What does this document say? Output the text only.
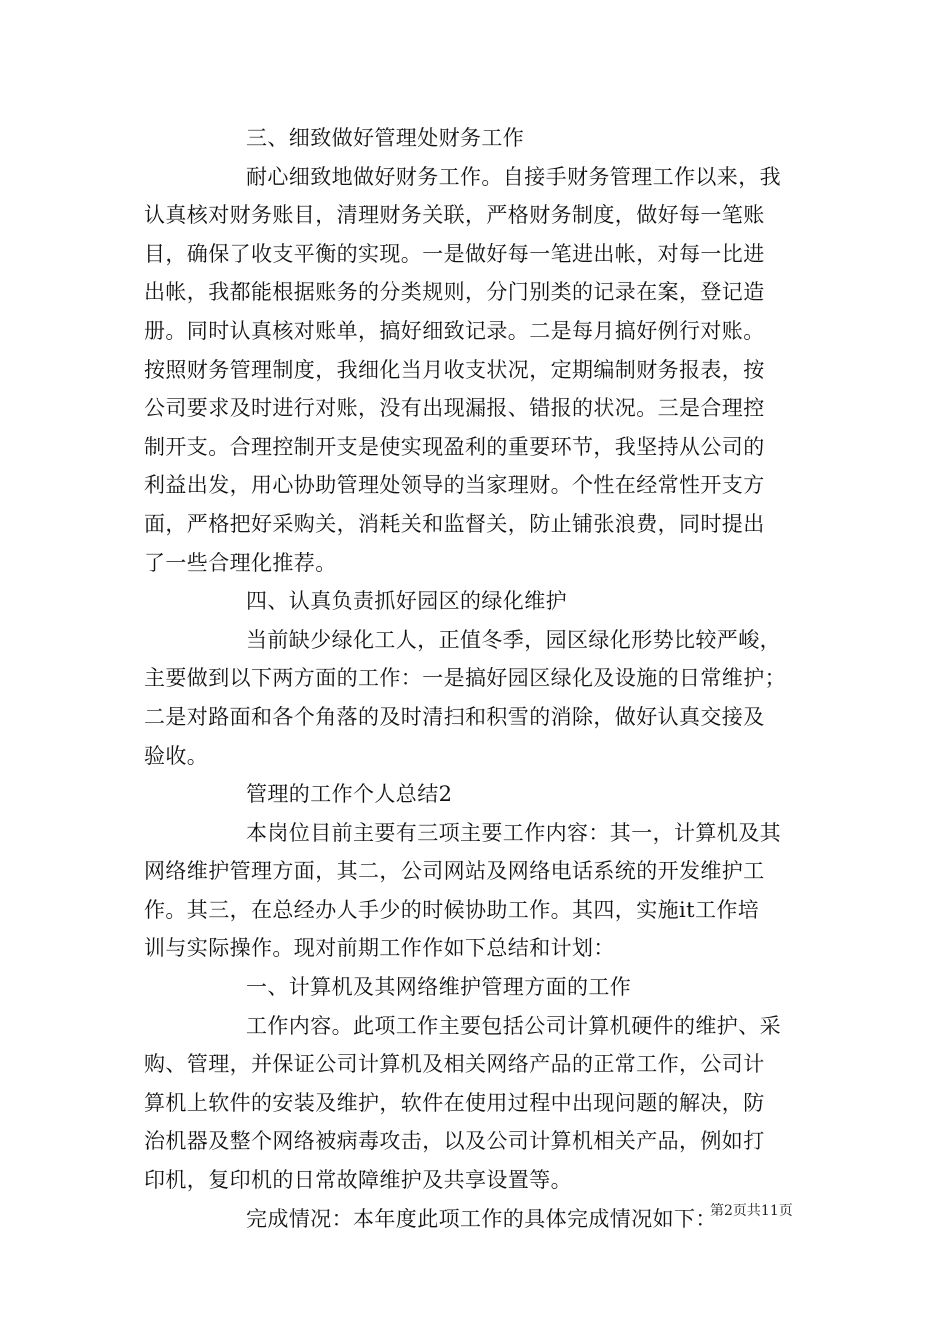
三、细致做好管理处财务工作
耐心细致地做好财务工作。自接手财务管理工作以来，我
认真核对财务账目，清理财务关联，严格财务制度，做好每一笔账
目，确保了收支平衡的实现。一是做好每一笔进出帐，对每一比进
出帐，我都能根据账务的分类规则，分门别类的记录在案，登记造
册。同时认真核对账单，搞好细致记录。二是每月搞好例行对账。
按照财务管理制度，我细化当月收支状况，定期编制财务报表，按
公司要求及时进行对账，没有出现漏报、错报的状况。三是合理控
制开支。合理控制开支是使实现盈利的重要环节，我坚持从公司的
利益出发，用心协助管理处领导的当家理财。个性在经常性开支方
面，严格把好采购关，消耗关和监督关，防止铺张浪费，同时提出
了一些合理化推荐。
四、认真负责抓好园区的绿化维护
当前缺少绿化工人，正值冬季，园区绿化形势比较严峻，
主要做到以下两方面的工作：一是搞好园区绿化及设施的日常维护；
二是对路面和各个角落的及时清扫和积雪的消除，做好认真交接及
验收。
管理的工作个人总结2
本岗位目前主要有三项主要工作内容：其一，计算机及其
网络维护管理方面，其二，公司网站及网络电话系统的开发维护工
作。其三，在总经办人手少的时候协助工作。其四，实施it工作培
训与实际操作。现对前期工作作如下总结和计划：
一、计算机及其网络维护管理方面的工作
工作内容。此项工作主要包括公司计算机硬件的维护、采
购、管理，并保证公司计算机及相关网络产品的正常工作，公司计
算机上软件的安装及维护，软件在使用过程中出现问题的解决，防
治机器及整个网络被病毒攻击，以及公司计算机相关产品，例如打
印机，复印机的日常故障维护及共享设置等。
完成情况：本年度此项工作的具体完成情况如下：
第2页共11页
